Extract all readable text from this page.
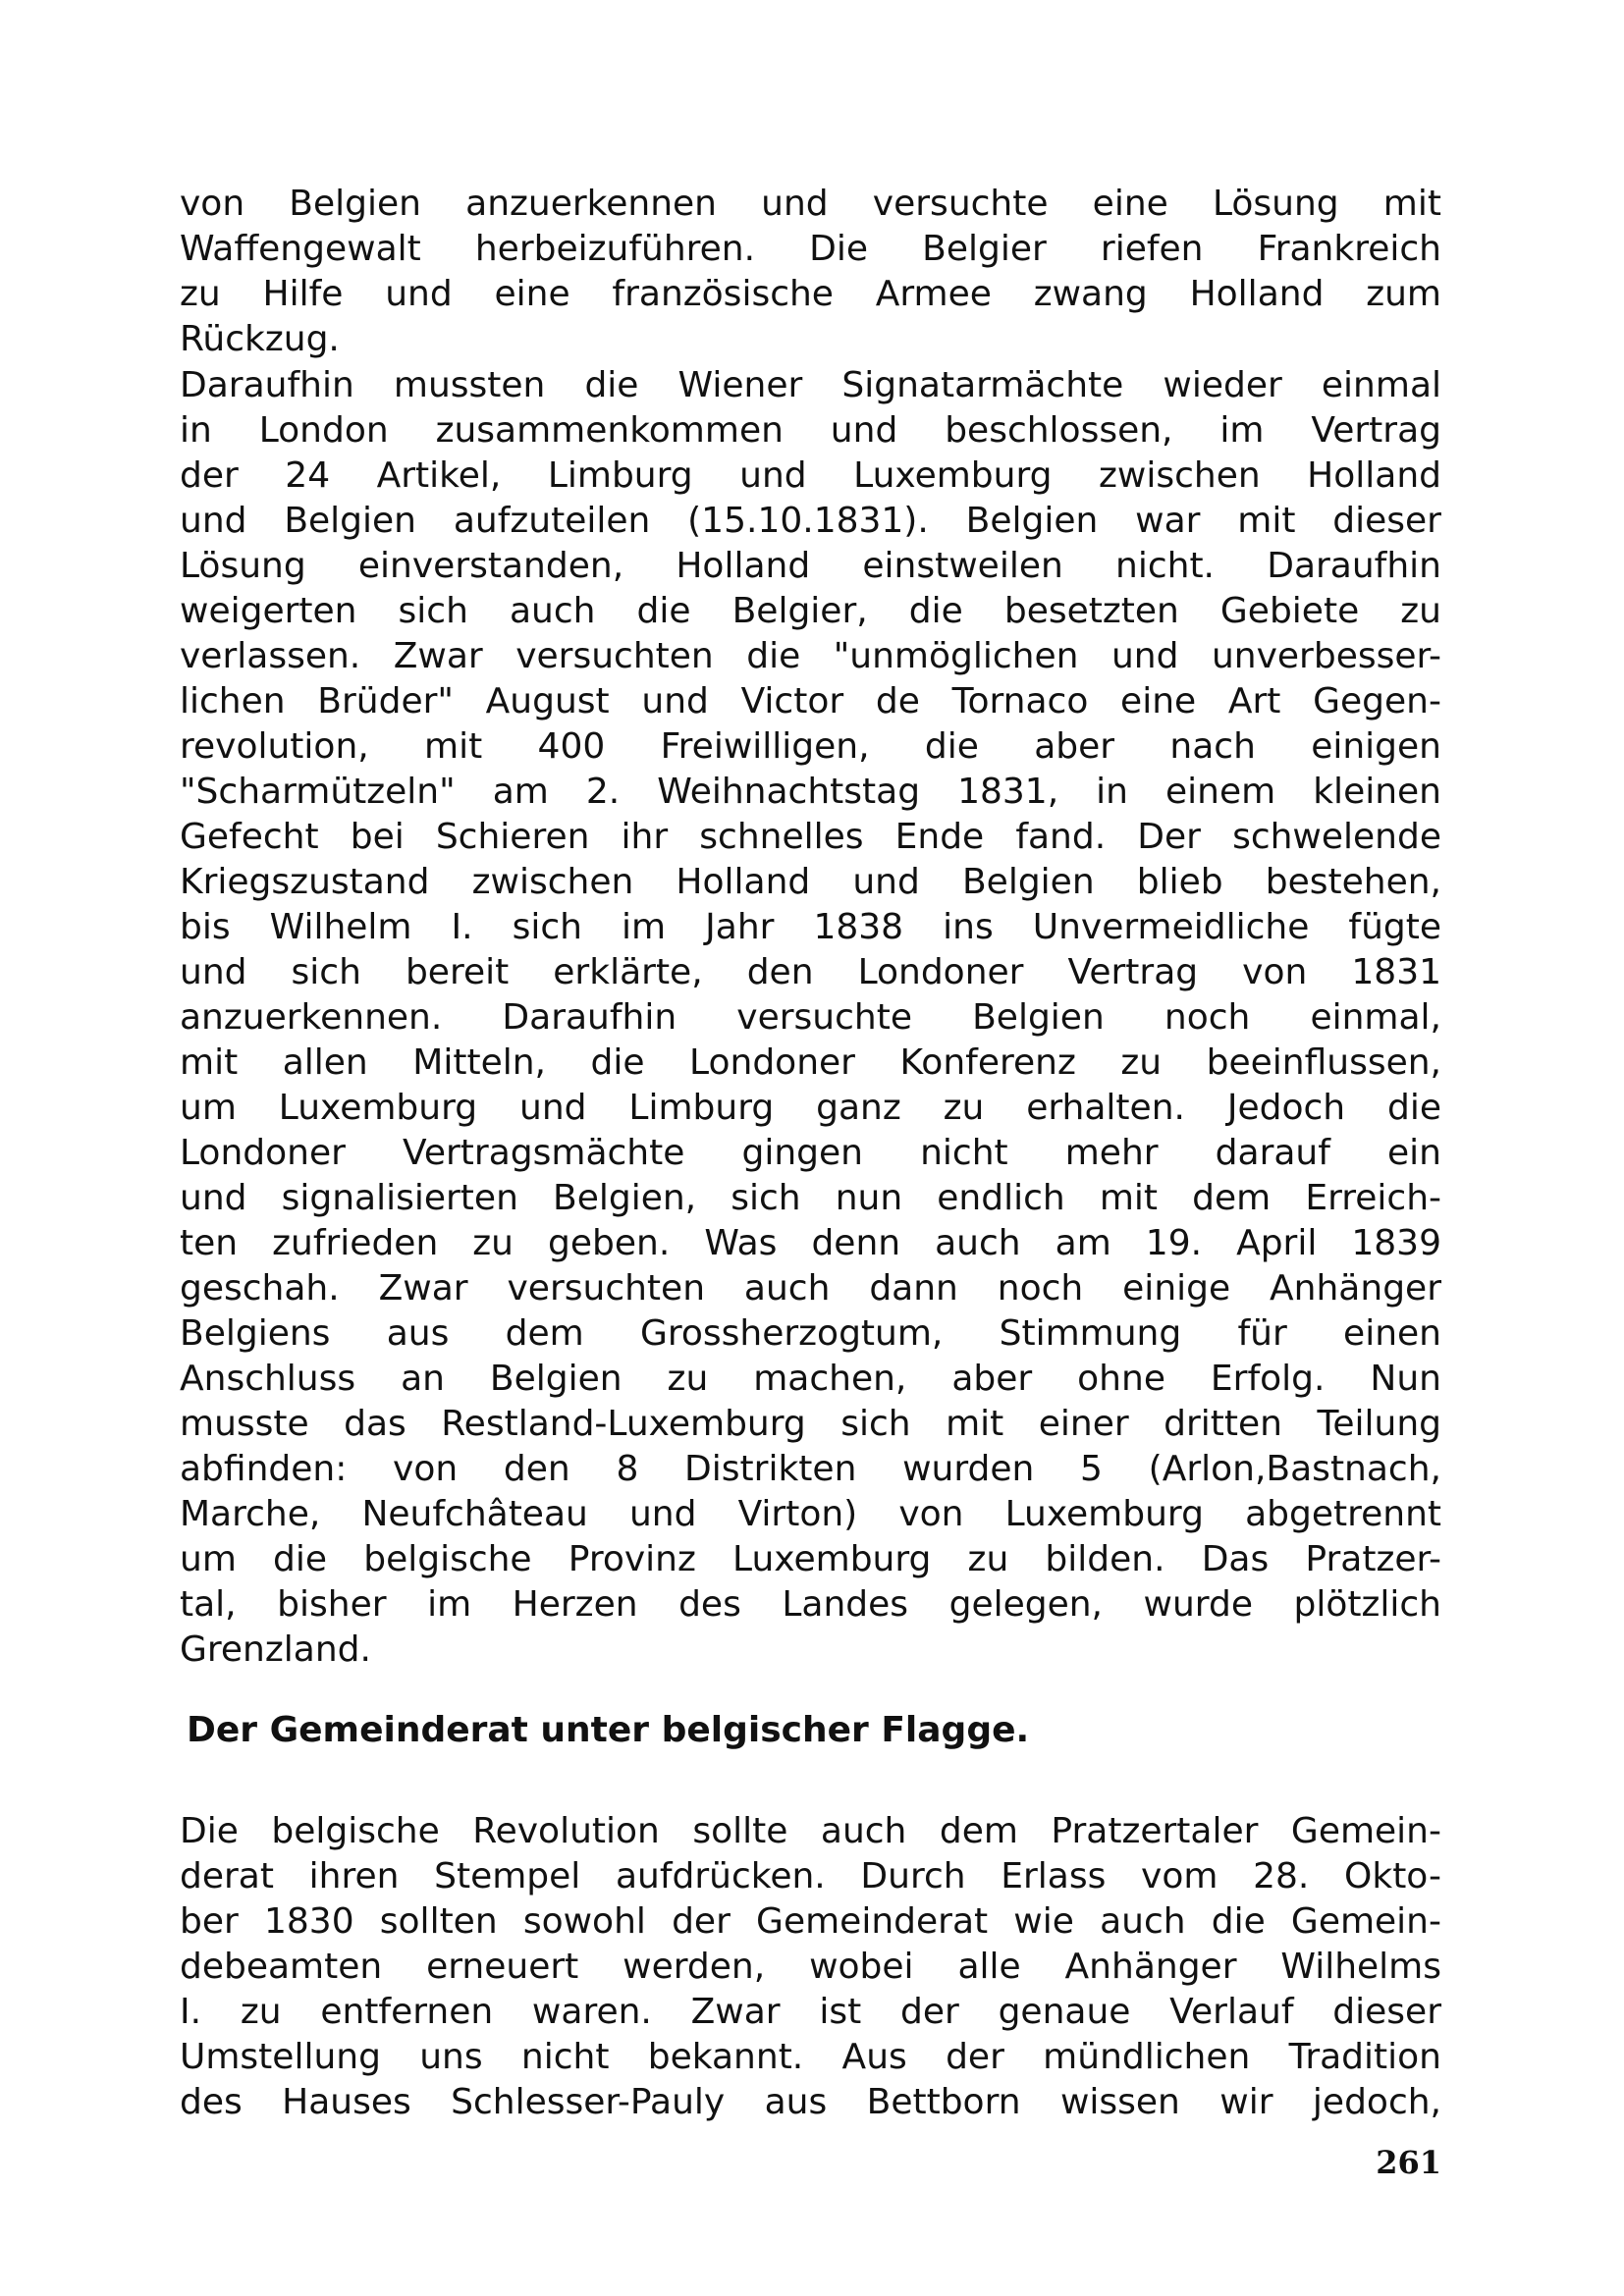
von Belgien anzuerkennen und versuchte eine Lösung mit
Waffengewalt herbeizuführen. Die Belgier riefen Frankreich
zu Hilfe und eine französische Armee zwang Holland zum
Rückzug.
Daraufhin mussten die Wiener Signatarmächte wieder einmal
in London zusammenkommen und beschlossen, im Vertrag
der 24 Artikel, Limburg und Luxemburg zwischen Holland
und Belgien aufzuteilen (15.10.1831). Belgien war mit dieser
Lösung einverstanden, Holland einstweilen nicht. Daraufhin
weigerten sich auch die Belgier, die besetzten Gebiete zu
verlassen. Zwar versuchten die "unmöglichen und unverbesser-
lichen Brüder" August und Victor de Tornaco eine Art Gegen-
revolution, mit 400 Freiwilligen, die aber nach einigen
"Scharmützeln" am 2. Weihnachtstag 1831, in einem kleinen
Gefecht bei Schieren ihr schnelles Ende fand. Der schwelende
Kriegszustand zwischen Holland und Belgien blieb bestehen,
bis Wilhelm I. sich im Jahr 1838 ins Unvermeidliche fügte
und sich bereit erklärte, den Londoner Vertrag von 1831
anzuerkennen. Daraufhin versuchte Belgien noch einmal,
mit allen Mitteln, die Londoner Konferenz zu beeinflussen,
um Luxemburg und Limburg ganz zu erhalten. Jedoch die
Londoner Vertragsmächte gingen nicht mehr darauf ein
und signalisierten Belgien, sich nun endlich mit dem Erreich-
ten zufrieden zu geben. Was denn auch am 19. April 1839
geschah. Zwar versuchten auch dann noch einige Anhänger
Belgiens aus dem Grossherzogtum, Stimmung für einen
Anschluss an Belgien zu machen, aber ohne Erfolg. Nun
musste das Restland-Luxemburg sich mit einer dritten Teilung
abfinden: von den 8 Distrikten wurden 5 (Arlon,Bastnach,
Marche, Neufchâteau und Virton) von Luxemburg abgetrennt
um die belgische Provinz Luxemburg zu bilden. Das Pratzer-
tal, bisher im Herzen des Landes gelegen, wurde plötzlich
Grenzland.
Der Gemeinderat unter belgischer Flagge.
Die belgische Revolution sollte auch dem Pratzertaler Gemein-
derat ihren Stempel aufdrücken. Durch Erlass vom 28. Okto-
ber 1830 sollten sowohl der Gemeinderat wie auch die Gemein-
debeamten erneuert werden, wobei alle Anhänger Wilhelms
I. zu entfernen waren. Zwar ist der genaue Verlauf dieser
Umstellung uns nicht bekannt. Aus der mündlichen Tradition
des Hauses Schlesser-Pauly aus Bettborn wissen wir jedoch,
261
